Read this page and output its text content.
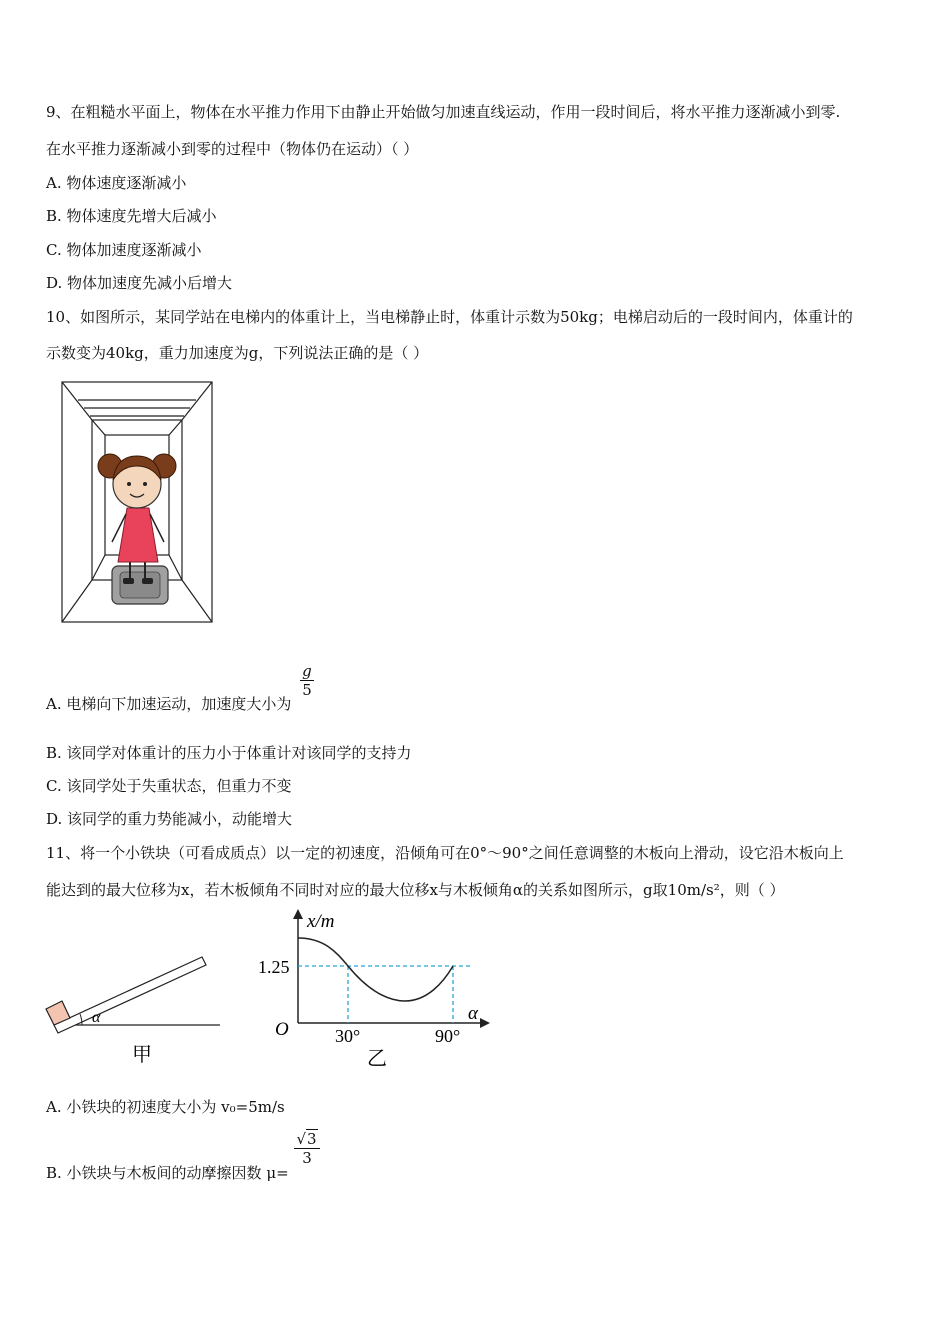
9、在粗糙水平面上，物体在水平推力作用下由静止开始做匀加速直线运动，作用一段时间后，将水平推力逐渐减小到零.
在水平推力逐渐减小到零的过程中（物体仍在运动）（ ）
A. 物体速度逐渐减小
B. 物体速度先增大后减小
C. 物体加速度逐渐减小
D. 物体加速度先减小后增大
10、如图所示，某同学站在电梯内的体重计上，当电梯静止时，体重计示数为50kg；电梯启动后的一段时间内，体重计的
示数变为40kg，重力加速度为g，下列说法正确的是（ ）
A. 电梯向下加速运动，加速度大小为
$\frac{g}{5}$
B. 该同学对体重计的压力小于体重计对该同学的支持力
C. 该同学处于失重状态，但重力不变
D. 该同学的重力势能减小，动能增大
11、将一个小铁块（可看成质点）以一定的初速度，沿倾角可在0°～90°之间任意调整的木板向上滑动，设它沿木板向上
能达到的最大位移为x，若木板倾角不同时对应的最大位移x与木板倾角α的关系如图所示，g取10m/s²，则（ ）
α
甲
x/m
α
O
1.25
30°	90°
乙
A. 小铁块的初速度大小为 v₀=5m/s
B. 小铁块与木板间的动摩擦因数 μ=
$\frac{√3}{3}$
